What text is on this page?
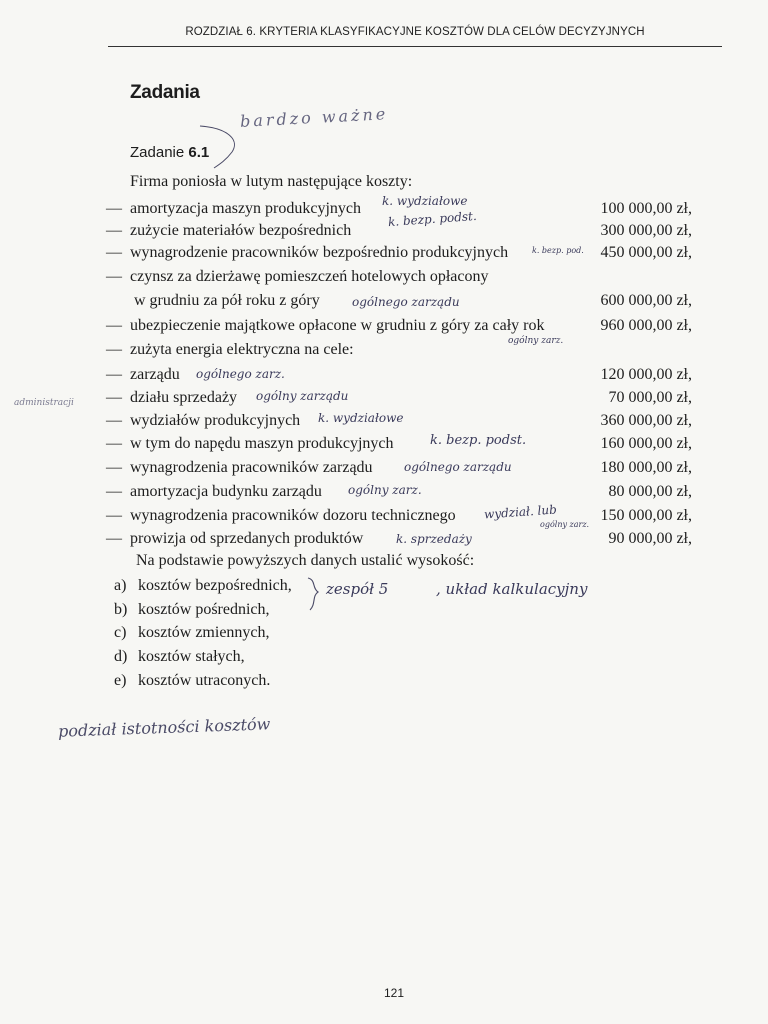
ROZDZIAŁ 6. KRYTERIA KLASYFIKACYJNE KOSZTÓW DLA CELÓW DECYZYJNYCH
Zadania
Zadanie 6.1
Firma poniosła w lutym następujące koszty:
— amortyzacja maszyn produkcyjnych	100 000,00 zł,
— zużycie materiałów bezpośrednich	300 000,00 zł,
— wynagrodzenie pracowników bezpośrednio produkcyjnych	450 000,00 zł,
— czynsz za dzierżawę pomieszczeń hotelowych opłacony
w grudniu za pół roku z góry	600 000,00 zł,
— ubezpieczenie majątkowe opłacone w grudniu z góry za cały rok	960 000,00 zł,
— zużyta energia elektryczna na cele:
— zarządu	120 000,00 zł,
— działu sprzedaży	70 000,00 zł,
— wydziałów produkcyjnych	360 000,00 zł,
— w tym do napędu maszyn produkcyjnych	160 000,00 zł,
— wynagrodzenia pracowników zarządu	180 000,00 zł,
— amortyzacja budynku zarządu	80 000,00 zł,
— wynagrodzenia pracowników dozoru technicznego	150 000,00 zł,
— prowizja od sprzedanych produktów	90 000,00 zł,
Na podstawie powyższych danych ustalić wysokość:
a) kosztów bezpośrednich,
b) kosztów pośrednich,
c) kosztów zmiennych,
d) kosztów stałych,
e) kosztów utraconych.
121
bardzo ważne
k. wydziałowe
k. bezp. podst.
k. bezp. pod.
ogólnego zarządu
ogólny zarz.
ogólnego zarz.
ogólny zarządu
administracji
k. wydziałowe
k. bezp. podst.
ogólnego zarządu
ogólny zarz.
wydział. lub
ogólny zarz.
k. sprzedaży
zespół 5	, układ kalkulacyjny
podział istotności kosztów
